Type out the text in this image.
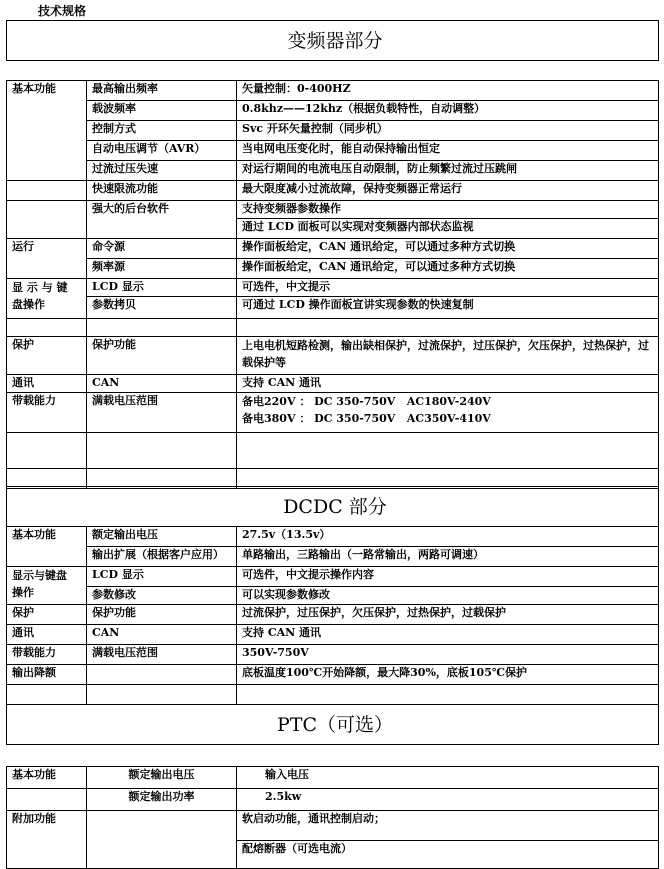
技术规格
变频器部分		

基本功能	最高输出频率	矢量控制：0-400HZ
	载波频率	0.8khz——12khz（根据负载特性，自动调整）
	控制方式	Svc 开环矢量控制（同步机）
	自动电压调节（AVR）	当电网电压变化时，能自动保持输出恒定
	过流过压失速	对运行期间的电流电压自动限制，防止频繁过流过压跳闸
	快速限流功能	最大限度减小过流故障，保持变频器正常运行
	强大的后台软件	支持变频器参数操作
		通过 LCD 面板可以实现对变频器内部状态监视
运行	命令源	操作面板给定，CAN 通讯给定，可以通过多种方式切换
	频率源	操作面板给定，CAN 通讯给定，可以通过多种方式切换

显 示 与 键
盘操作	LCD 显示	可选件，中文提示
	参数拷贝	可通过 LCD 操作面板宣讲实现参数的快速复制

保护	保护功能	上电电机短路检测，输出缺相保护，过流保护，过压保护，欠压保护，过热保护，过载保护等
通讯	CAN	支持 CAN 通讯
带载能力	满载电压范围	备电220V ： DC 350-750V   AC180V-240V
备电380V ： DC 350-750V   AC350V-410V

DCDC 部分		
基本功能	额定输出电压	27.5v（13.5v）
	输出扩展（根据客户应用）	单路输出，三路输出（一路常输出，两路可调速）

显示与键盘
操作	LCD 显示	可选件，中文提示操作内容
	参数修改	可以实现参数修改
保护	保护功能	过流保护，过压保护，欠压保护，过热保护，过载保护
通讯	CAN	支持 CAN 通讯
带载能力	满载电压范围	350V-750V
输出降额		底板温度100℃开始降额，最大降30%，底板105℃保护

PTC（可选）		

基本功能	额定输出电压	输入电压
	额定输出功率	2.5kw
附加功能		软启动功能，通讯控制启动；
		配熔断器（可选电流）
